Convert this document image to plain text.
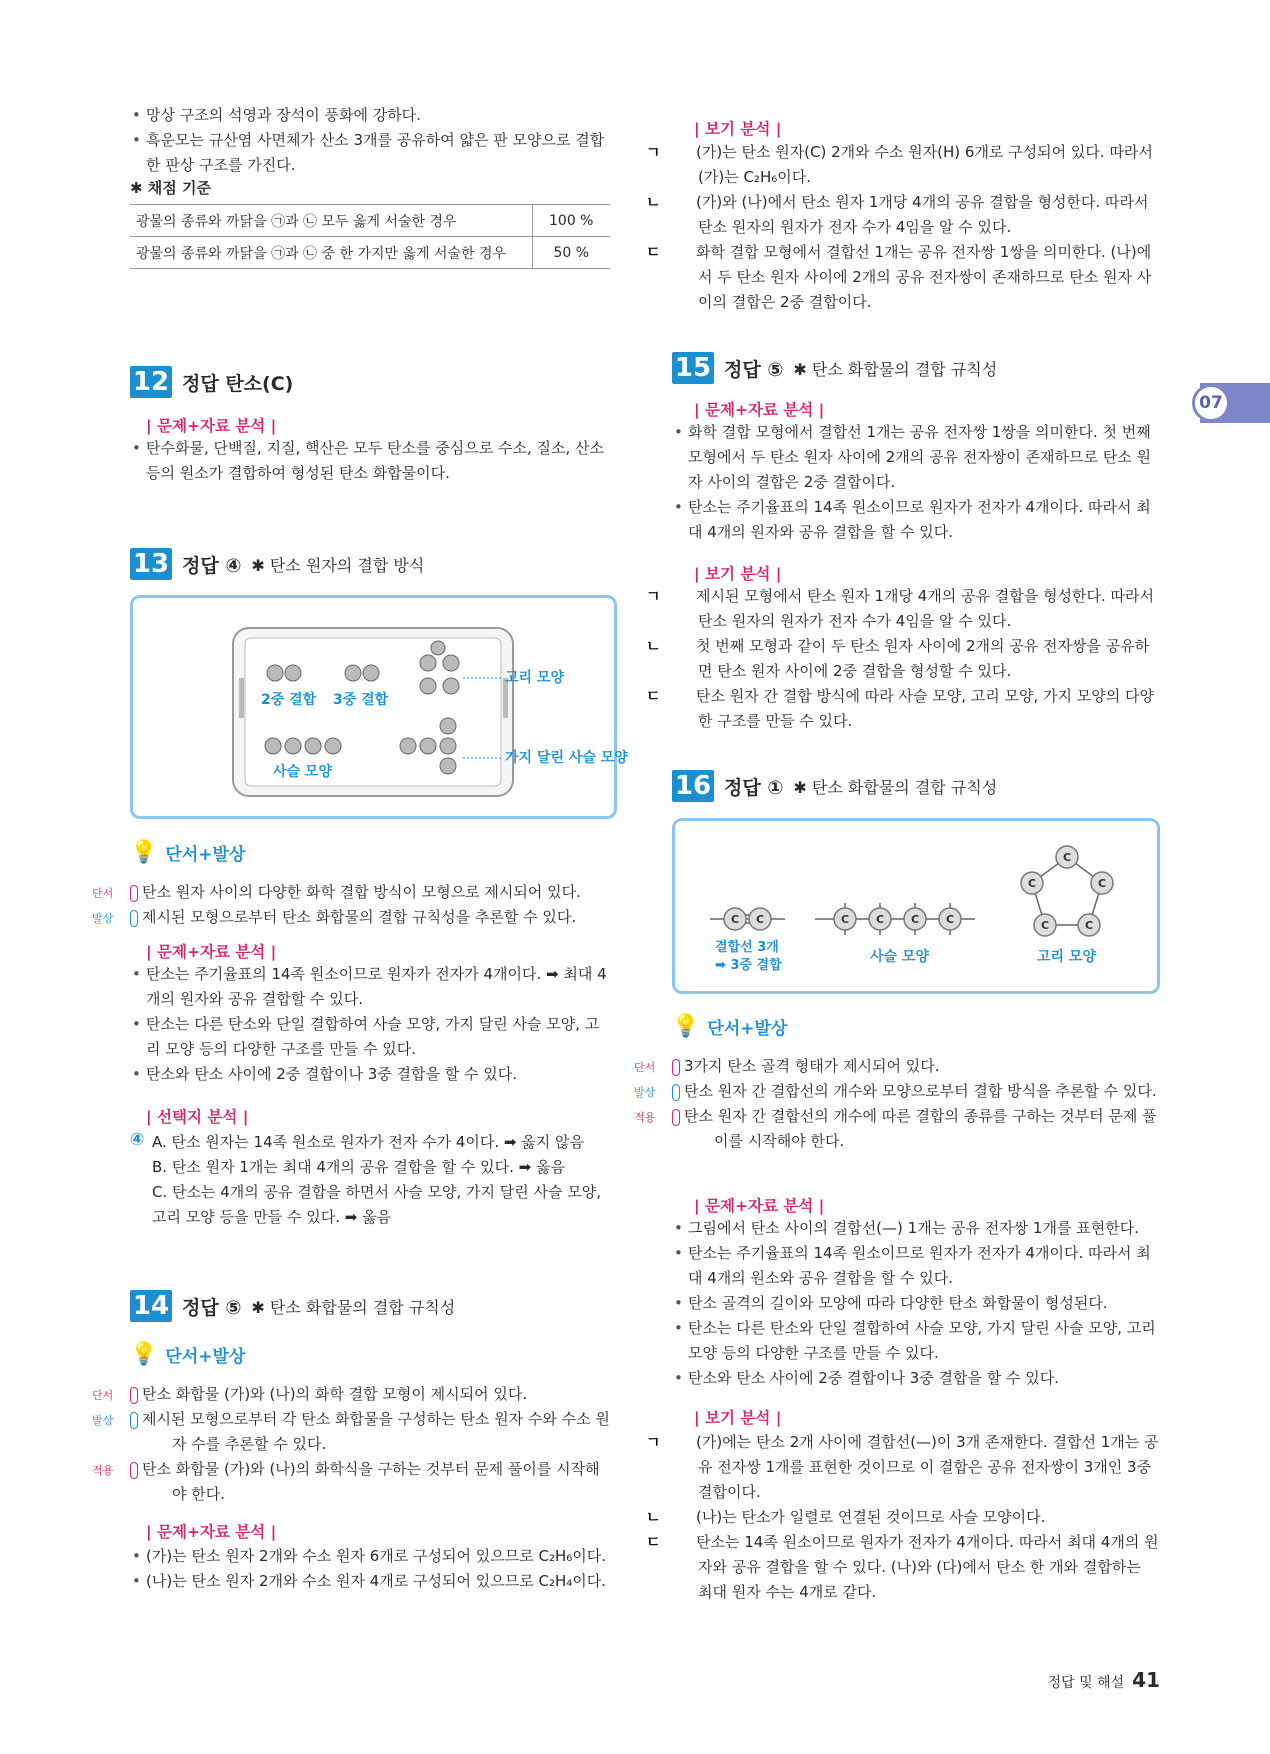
• 망상 구조의 석영과 장석이 풍화에 강하다.
• 흑운모는 규산염 사면체가 산소 3개를 공유하여 얇은 판 모양으로 결합한 판상 구조를 가진다.
✱ 채점 기준
광물의 종류와 까닭을 ㉠과 ㉡ 모두 옳게 서술한 경우	100 %
광물의 종류와 까닭을 ㉠과 ㉡ 중 한 가지만 옳게 서술한 경우	50 %
12 정답 탄소(C)
| 문제+자료 분석 |
• 탄수화물, 단백질, 지질, 핵산은 모두 탄소를 중심으로 수소, 질소, 산소 등의 원소가 결합하여 형성된 탄소 화합물이다.
13 정답 ④ ✱ 탄소 원자의 결합 방식
2중 결합 3중 결합
사슬 모양
고리 모양
가지 달린 사슬 모양
💡 단서+발상

단서 탄소 원자 사이의 다양한 화학 결합 방식이 모형으로 제시되어 있다.

발상 제시된 모형으로부터 탄소 화합물의 결합 규칙성을 추론할 수 있다.

| 문제+자료 분석 |
• 탄소는 주기율표의 14족 원소이므로 원자가 전자가 4개이다. ➡ 최대 4개의 원자와 공유 결합할 수 있다.
• 탄소는 다른 탄소와 단일 결합하여 사슬 모양, 가지 달린 사슬 모양, 고리 모양 등의 다양한 구조를 만들 수 있다.
• 탄소와 탄소 사이에 2중 결합이나 3중 결합을 할 수 있다.
| 선택지 분석 |
④ A. 탄소 원자는 14족 원소로 원자가 전자 수가 4이다. ➡ 옳지 않음

B. 탄소 원자 1개는 최대 4개의 공유 결합을 할 수 있다. ➡ 옳음

C. 탄소는 4개의 공유 결합을 하면서 사슬 모양, 가지 달린 사슬 모양, 고리 모양 등을 만들 수 있다. ➡ 옳음

14 정답 ⑤ ✱ 탄소 화합물의 결합 규칙성
💡 단서+발상

단서 탄소 화합물 (가)와 (나)의 화학 결합 모형이 제시되어 있다.

발상 제시된 모형으로부터 각 탄소 화합물을 구성하는 탄소 원자 수와 수소 원자 수를 추론할 수 있다.

적용 탄소 화합물 (가)와 (나)의 화학식을 구하는 것부터 문제 풀이를 시작해야 한다.

| 문제+자료 분석 |
• (가)는 탄소 원자 2개와 수소 원자 6개로 구성되어 있으므로 C₂H₆이다.
• (나)는 탄소 원자 2개와 수소 원자 4개로 구성되어 있으므로 C₂H₄이다.
| 보기 분석 |

ㄱ (가)는 탄소 원자(C) 2개와 수소 원자(H) 6개로 구성되어 있다. 따라서 (가)는 C₂H₆이다.

ㄴ (가)와 (나)에서 탄소 원자 1개당 4개의 공유 결합을 형성한다. 따라서 탄소 원자의 원자가 전자 수가 4임을 알 수 있다.

ㄷ 화학 결합 모형에서 결합선 1개는 공유 전자쌍 1쌍을 의미한다. (나)에서 두 탄소 원자 사이에 2개의 공유 전자쌍이 존재하므로 탄소 원자 사이의 결합은 2중 결합이다.

15 정답 ⑤ ✱ 탄소 화합물의 결합 규칙성
| 문제+자료 분석 |
• 화학 결합 모형에서 결합선 1개는 공유 전자쌍 1쌍을 의미한다. 첫 번째 모형에서 두 탄소 원자 사이에 2개의 공유 전자쌍이 존재하므로 탄소 원자 사이의 결합은 2중 결합이다.
• 탄소는 주기율표의 14족 원소이므로 원자가 전자가 4개이다. 따라서 최대 4개의 원자와 공유 결합을 할 수 있다.
| 보기 분석 |

ㄱ 제시된 모형에서 탄소 원자 1개당 4개의 공유 결합을 형성한다. 따라서 탄소 원자의 원자가 전자 수가 4임을 알 수 있다.

ㄴ 첫 번째 모형과 같이 두 탄소 원자 사이에 2개의 공유 전자쌍을 공유하면 탄소 원자 사이에 2중 결합을 형성할 수 있다.

ㄷ 탄소 원자 간 결합 방식에 따라 사슬 모양, 고리 모양, 가지 모양의 다양한 구조를 만들 수 있다.

16 정답 ① ✱ 탄소 화합물의 결합 규칙성
C C	C C C C
C
C
C
C
C
결합선 3개
➡ 3중 결합
사슬 모양	고리 모양
💡 단서+발상

단서 3가지 탄소 골격 형태가 제시되어 있다.

발상 탄소 원자 간 결합선의 개수와 모양으로부터 결합 방식을 추론할 수 있다.

적용 탄소 원자 간 결합선의 개수에 따른 결합의 종류를 구하는 것부터 문제 풀이를 시작해야 한다.

| 문제+자료 분석 |
• 그림에서 탄소 사이의 결합선(—) 1개는 공유 전자쌍 1개를 표현한다.
• 탄소는 주기율표의 14족 원소이므로 원자가 전자가 4개이다. 따라서 최대 4개의 원소와 공유 결합을 할 수 있다.
• 탄소 골격의 길이와 모양에 따라 다양한 탄소 화합물이 형성된다.
• 탄소는 다른 탄소와 단일 결합하여 사슬 모양, 가지 달린 사슬 모양, 고리 모양 등의 다양한 구조를 만들 수 있다.
• 탄소와 탄소 사이에 2중 결합이나 3중 결합을 할 수 있다.
| 보기 분석 |

ㄱ (가)에는 탄소 2개 사이에 결합선(—)이 3개 존재한다. 결합선 1개는 공유 전자쌍 1개를 표현한 것이므로 이 결합은 공유 전자쌍이 3개인 3중 결합이다.

ㄴ (나)는 탄소가 일렬로 연결된 것이므로 사슬 모양이다.

ㄷ 탄소는 14족 원소이므로 원자가 전자가 4개이다. 따라서 최대 4개의 원자와 공유 결합을 할 수 있다. (나)와 (다)에서 탄소 한 개와 결합하는 최대 원자 수는 4개로 같다.

07
정답 및 해설 41
